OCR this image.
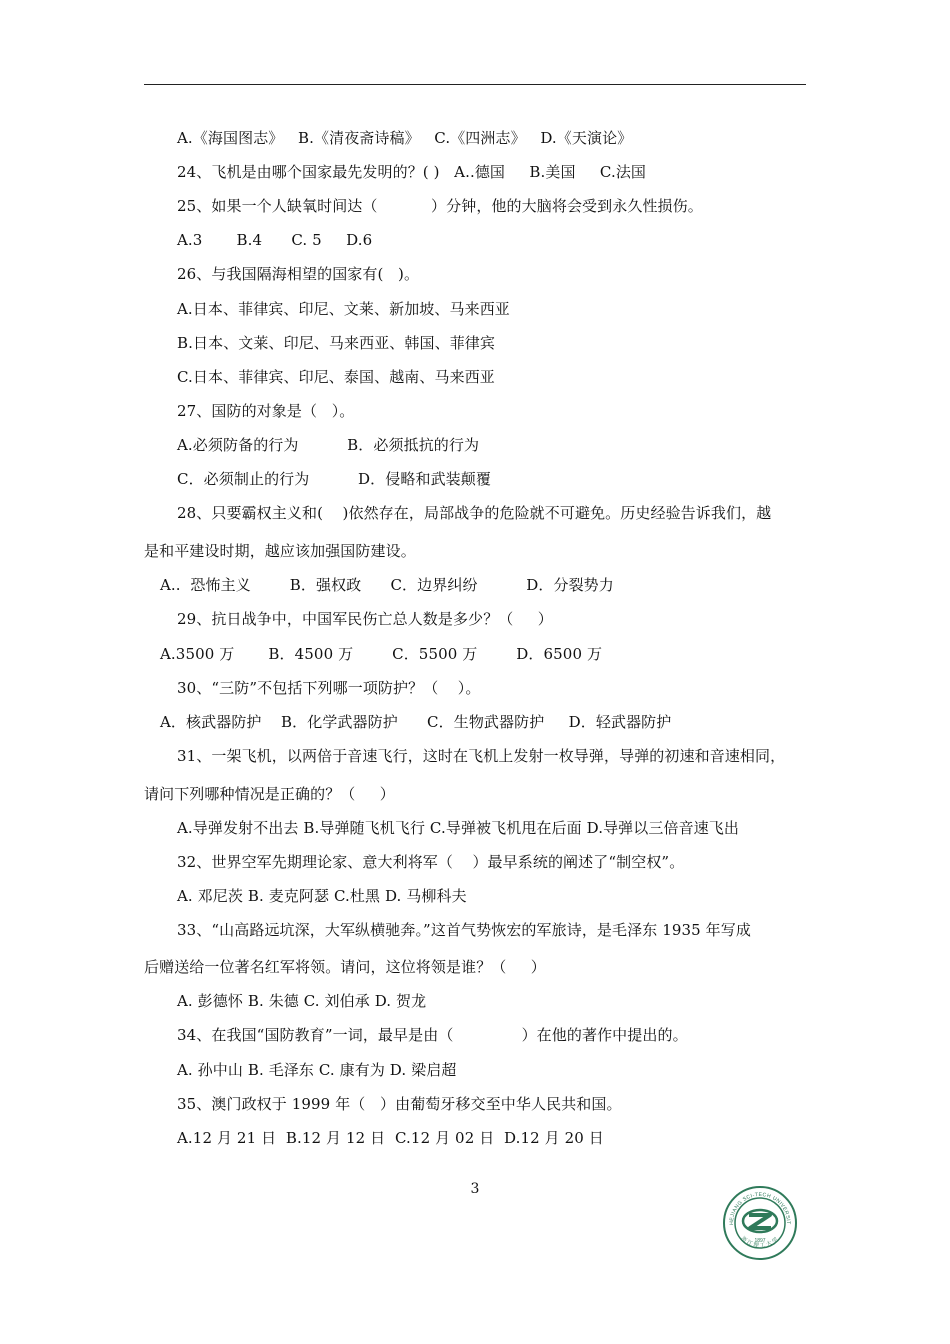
A.《海国图志》   B.《清夜斋诗稿》   C.《四洲志》   D.《天演论》
24、飞机是由哪个国家最先发明的？( )   A..德国     B.美国     C.法国
25、如果一个人缺氧时间达（           ）分钟，他的大脑将会受到永久性损伤。
A.3       B.4      C. 5     D.6
26、与我国隔海相望的国家有(   )。
A.日本、菲律宾、印尼、文莱、新加坡、马来西亚
B.日本、文莱、印尼、马来西亚、韩国、菲律宾
C.日本、菲律宾、印尼、泰国、越南、马来西亚
27、国防的对象是（   ）。
A.必须防备的行为          B．必须抵抗的行为
C．必须制止的行为          D．侵略和武装颠覆
28、只要霸权主义和(    )依然存在，局部战争的危险就不可避免。历史经验告诉我们，越
是和平建设时期，越应该加强国防建设。
A..  恐怖主义        B．强权政      C．边界纠纷          D．分裂势力
29、抗日战争中，中国军民伤亡总人数是多少？（     ）
A.3500 万       B．4500 万        C．5500 万        D．6500 万
30、“三防”不包括下列哪一项防护？（    ）。
A．核武器防护    B．化学武器防护      C．生物武器防护     D．轻武器防护
31、一架飞机，以两倍于音速飞行，这时在飞机上发射一枚导弹，导弹的初速和音速相同，
请问下列哪种情况是正确的？（     ）
A.导弹发射不出去 B.导弹随飞机飞行 C.导弹被飞机甩在后面 D.导弹以三倍音速飞出
32、世界空军先期理论家、意大利将军（    ）最早系统的阐述了“制空权”。
A. 邓尼茨 B. 麦克阿瑟 C.杜黑 D. 马柳科夫
33、“山高路远坑深，大军纵横驰奔。”这首气势恢宏的军旅诗，是毛泽东 1935 年写成
后赠送给一位著名红军将领。请问，这位将领是谁？（     ）
A. 彭德怀 B. 朱德 C. 刘伯承 D. 贺龙
34、在我国“国防教育”一词，最早是由（              ）在他的著作中提出的。
A. 孙中山 B. 毛泽东 C. 康有为 D. 梁启超
35、澳门政权于 1999 年（   ）由葡萄牙移交至中华人民共和国。
A.12 月 21 日  B.12 月 12 日  C.12 月 02 日  D.12 月 20 日
3
HEJIANG SCI-TECH UNIVERSIT
浙江理工大学
1897
